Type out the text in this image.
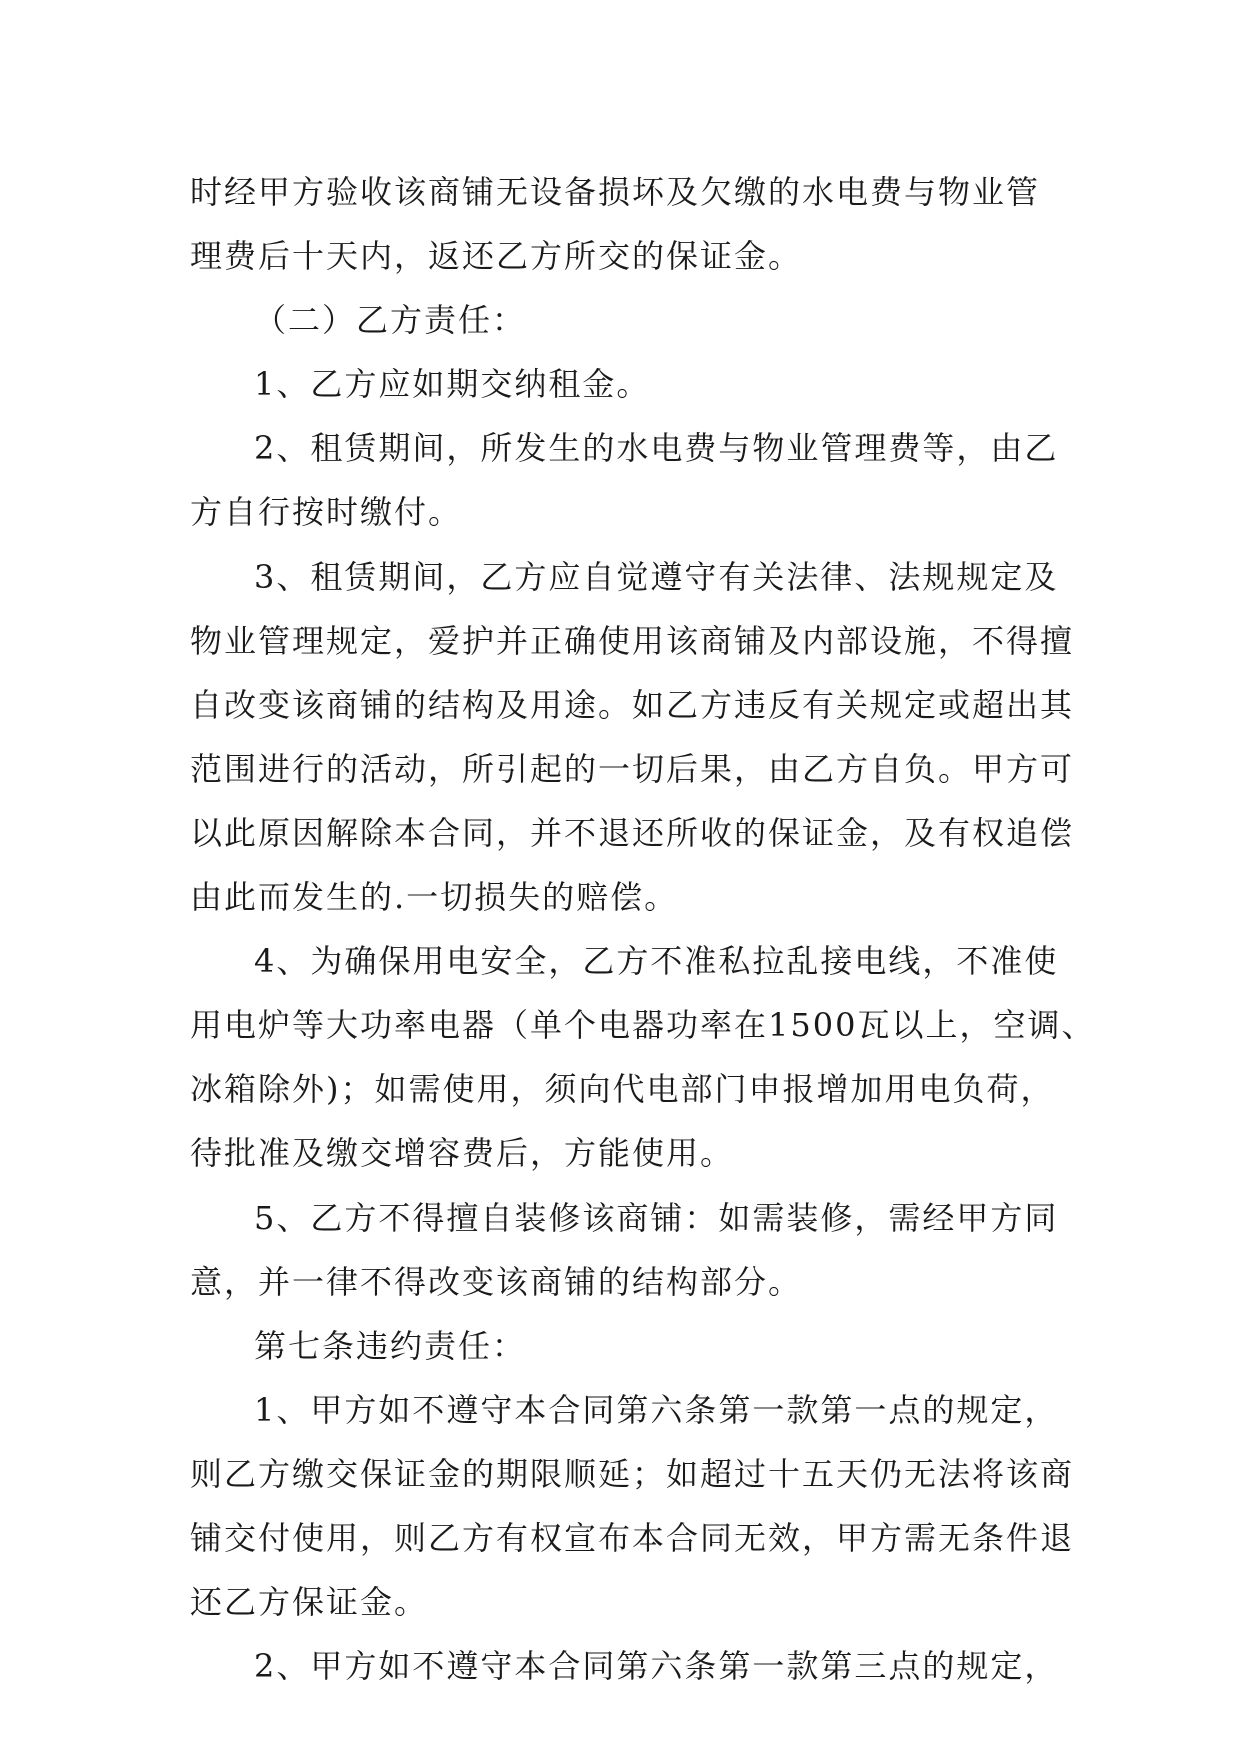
时经甲方验收该商铺无设备损坏及欠缴的水电费与物业管
理费后十天内，返还乙方所交的保证金。
（二）乙方责任：
1、乙方应如期交纳租金。
2、租赁期间，所发生的水电费与物业管理费等，由乙
方自行按时缴付。
3、租赁期间，乙方应自觉遵守有关法律、法规规定及
物业管理规定，爱护并正确使用该商铺及内部设施，不得擅
自改变该商铺的结构及用途。如乙方违反有关规定或超出其
范围进行的活动，所引起的一切后果，由乙方自负。甲方可
以此原因解除本合同，并不退还所收的保证金，及有权追偿
由此而发生的.一切损失的赔偿。
4、为确保用电安全，乙方不准私拉乱接电线，不准使
用电炉等大功率电器（单个电器功率在1500瓦以上，空调、
冰箱除外)；如需使用，须向代电部门申报增加用电负荷，
待批准及缴交增容费后，方能使用。
5、乙方不得擅自装修该商铺：如需装修，需经甲方同
意，并一律不得改变该商铺的结构部分。
第七条违约责任：
1、甲方如不遵守本合同第六条第一款第一点的规定，
则乙方缴交保证金的期限顺延；如超过十五天仍无法将该商
铺交付使用，则乙方有权宣布本合同无效，甲方需无条件退
还乙方保证金。
2、甲方如不遵守本合同第六条第一款第三点的规定，
